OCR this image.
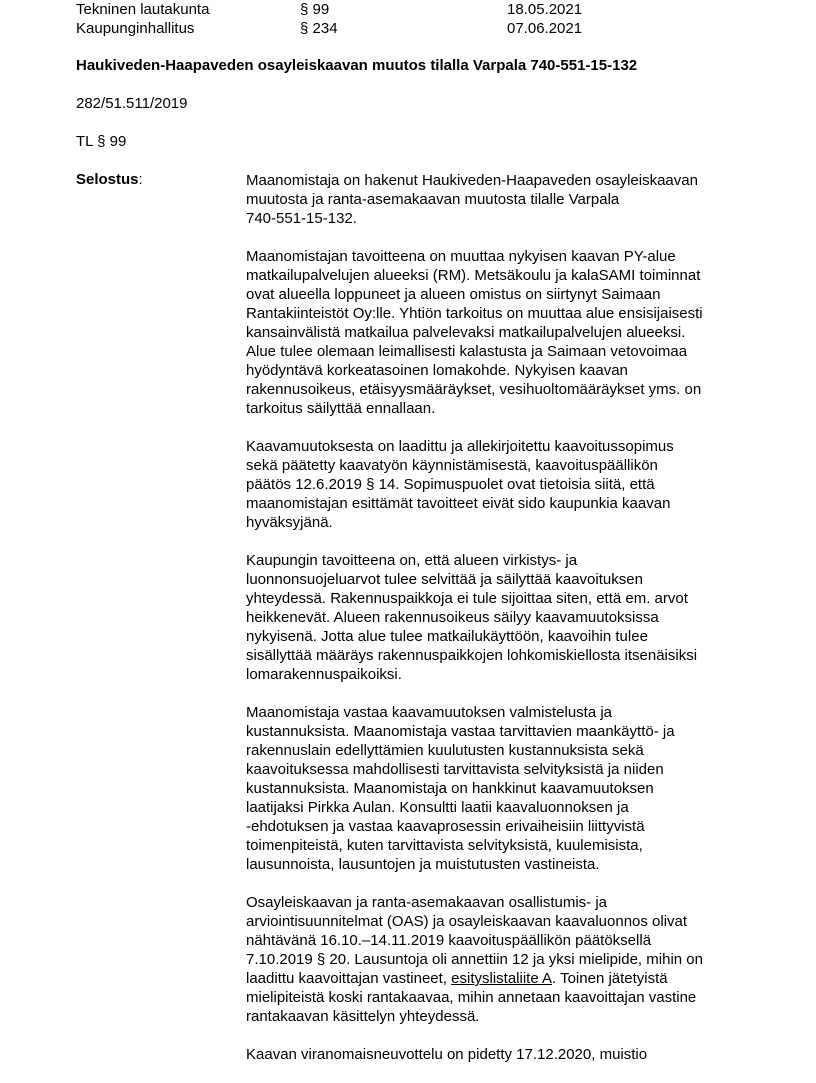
Tekninen lautakunta	§ 99	18.05.2021
Kaupunginhallitus	§ 234	07.06.2021
Haukiveden-Haapaveden osayleiskaavan muutos tilalla Varpala 740-551-15-132
282/51.511/2019
TL § 99
Selostus:	Maanomistaja on hakenut Haukiveden-Haapaveden osayleiskaavan
muutosta ja ranta-asemakaavan muutosta tilalle Varpala
740-551-15-132.
Maanomistajan tavoitteena on muuttaa nykyisen kaavan PY-alue
matkailupalvelujen alueeksi (RM). Metsäkoulu ja kalaSAMI toiminnat
ovat alueella loppuneet ja alueen omistus on siirtynyt Saimaan
Rantakiinteistöt Oy:lle. Yhtiön tarkoitus on muuttaa alue ensisijaisesti
kansainvälistä matkailua palvelevaksi matkailupalvelujen alueeksi.
Alue tulee olemaan leimallisesti kalastusta ja Saimaan vetovoimaa
hyödyntävä korkeatasoinen lomakohde. Nykyisen kaavan
rakennusoikeus, etäisyysmääräykset, vesihuoltomääräykset yms. on
tarkoitus säilyttää ennallaan.
Kaavamuutoksesta on laadittu ja allekirjoitettu kaavoitussopimus
sekä päätetty kaavatyön käynnistämisestä, kaavoituspäällikön
päätös 12.6.2019 § 14. Sopimuspuolet ovat tietoisia siitä, että
maanomistajan esittämät tavoitteet eivät sido kaupunkia kaavan
hyväksyjänä.
Kaupungin tavoitteena on, että alueen virkistys- ja
luonnonsuojeluarvot tulee selvittää ja säilyttää kaavoituksen
yhteydessä. Rakennuspaikkoja ei tule sijoittaa siten, että em. arvot
heikkenevät. Alueen rakennusoikeus säilyy kaavamuutoksissa
nykyisenä. Jotta alue tulee matkailukäyttöön, kaavoihin tulee
sisällyttää määräys rakennuspaikkojen lohkomiskiellosta itsenäisiksi
lomarakennuspaikoiksi.
Maanomistaja vastaa kaavamuutoksen valmistelusta ja
kustannuksista. Maanomistaja vastaa tarvittavien maankäyttö- ja
rakennuslain edellyttämien kuulutusten kustannuksista sekä
kaavoituksessa mahdollisesti tarvittavista selvityksistä ja niiden
kustannuksista. Maanomistaja on hankkinut kaavamuutoksen
laatijaksi Pirkka Aulan. Konsultti laatii kaavaluonnoksen ja
-ehdotuksen ja vastaa kaavaprosessin erivaiheisiin liittyvistä
toimenpiteistä, kuten tarvittavista selvityksistä, kuulemisista,
lausunnoista, lausuntojen ja muistutusten vastineista.
Osayleiskaavan ja ranta-asemakaavan osallistumis- ja
arviointisuunnitelmat (OAS) ja osayleiskaavan kaavaluonnos olivat
nähtävänä 16.10.–14.11.2019 kaavoituspäällikön päätöksellä
7.10.2019 § 20. Lausuntoja oli annettiin 12 ja yksi mielipide, mihin on
laadittu kaavoittajan vastineet, esityslistaliite A. Toinen jätetyistä
mielipiteistä koski rantakaavaa, mihin annetaan kaavoittajan vastine
rantakaavan käsittelyn yhteydessä.
Kaavan viranomaisneuvottelu on pidetty 17.12.2020, muistio
